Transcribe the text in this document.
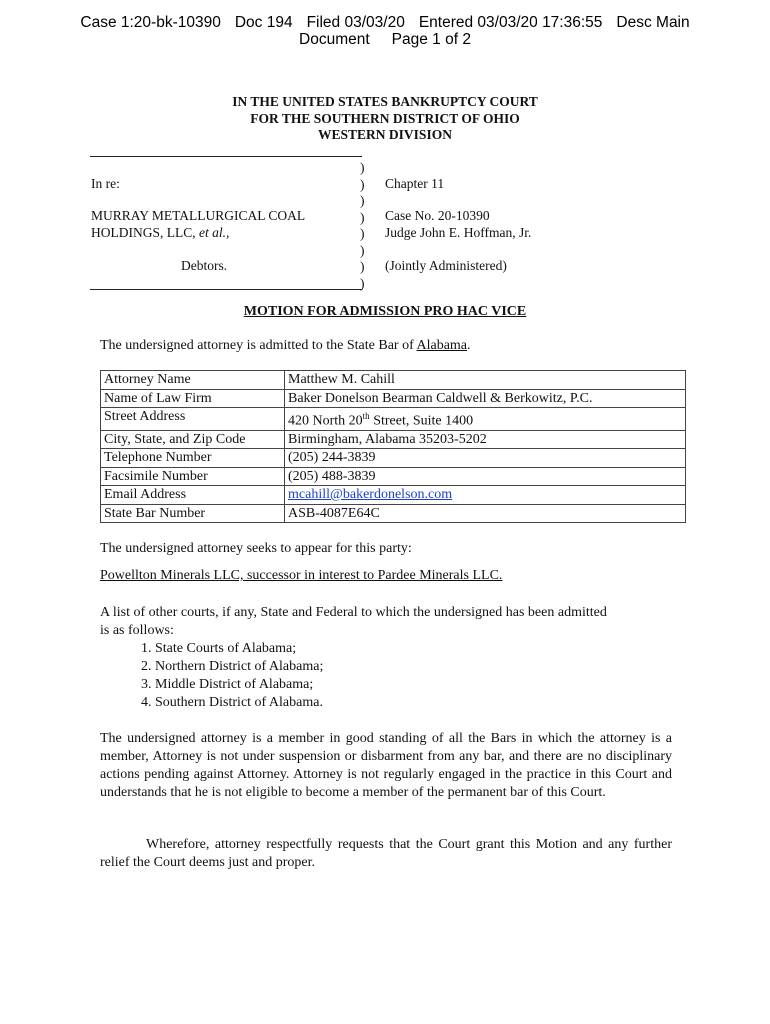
Case 1:20-bk-10390 Doc 194 Filed 03/03/20 Entered 03/03/20 17:36:55 Desc Main
Document Page 1 of 2
IN THE UNITED STATES BANKRUPTCY COURT
FOR THE SOUTHERN DISTRICT OF OHIO
WESTERN DIVISION
)
)
)
)
)
)
)
)
In re:
MURRAY METALLURGICAL COAL
HOLDINGS, LLC, et al.,
Debtors.
Chapter 11
Case No. 20-10390
Judge John E. Hoffman, Jr.
(Jointly Administered)
MOTION FOR ADMISSION PRO HAC VICE
The undersigned attorney is admitted to the State Bar of Alabama.
Attorney Name	Matthew M. Cahill
Name of Law Firm	Baker Donelson Bearman Caldwell & Berkowitz, P.C.
Street Address	420 North 20th Street, Suite 1400
City, State, and Zip Code	Birmingham, Alabama 35203-5202
Telephone Number	(205) 244-3839
Facsimile Number	(205) 488-3839
Email Address	mcahill@bakerdonelson.com
State Bar Number	ASB-4087E64C
The undersigned attorney seeks to appear for this party:
Powellton Minerals LLC, successor in interest to Pardee Minerals LLC.
A list of other courts, if any, State and Federal to which the undersigned has been admitted
is as follows:
1. State Courts of Alabama;
2. Northern District of Alabama;
3. Middle District of Alabama;
4. Southern District of Alabama.
The undersigned attorney is a member in good standing of all the Bars in which the attorney is a member, Attorney is not under suspension or disbarment from any bar, and there are no disciplinary actions pending against Attorney. Attorney is not regularly engaged in the practice in this Court and understands that he is not eligible to become a member of the permanent bar of this Court.
Wherefore, attorney respectfully requests that the Court grant this Motion and any further relief the Court deems just and proper.
